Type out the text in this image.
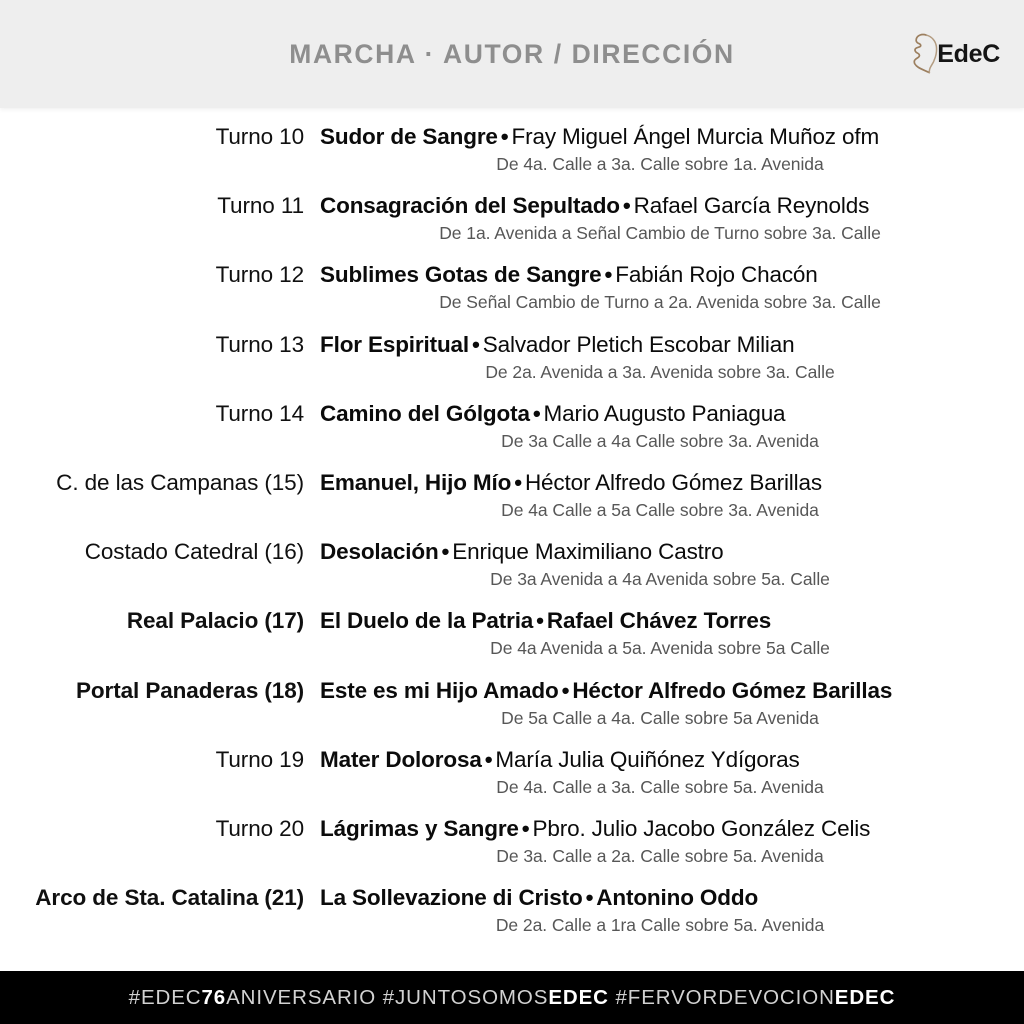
MARCHA · AUTOR / DIRECCIÓN	EdeC
Turno 10 Sudor de Sangre • Fray Miguel Ángel Murcia Muñoz ofm
De 4a. Calle a 3a. Calle sobre 1a. Avenida
Turno 11 Consagración del Sepultado • Rafael García Reynolds
De 1a. Avenida a Señal Cambio de Turno sobre 3a. Calle
Turno 12 Sublimes Gotas de Sangre • Fabián Rojo Chacón
De Señal Cambio de Turno a 2a. Avenida sobre 3a. Calle
Turno 13 Flor Espiritual • Salvador Pletich Escobar Milian
De 2a. Avenida a 3a. Avenida sobre 3a. Calle
Turno 14 Camino del Gólgota • Mario Augusto Paniagua
De 3a Calle a 4a Calle sobre 3a. Avenida
C. de las Campanas (15) Emanuel, Hijo Mío • Héctor Alfredo Gómez Barillas
De 4a Calle a 5a Calle sobre 3a. Avenida
Costado Catedral (16) Desolación • Enrique Maximiliano Castro
De 3a Avenida a 4a Avenida sobre 5a. Calle
Real Palacio (17) El Duelo de la Patria • Rafael Chávez Torres
De 4a Avenida a 5a. Avenida sobre 5a Calle
Portal Panaderas (18) Este es mi Hijo Amado • Héctor Alfredo Gómez Barillas
De 5a Calle a 4a. Calle sobre 5a Avenida
Turno 19 Mater Dolorosa • María Julia Quiñónez Ydígoras
De 4a. Calle a 3a. Calle sobre 5a. Avenida
Turno 20 Lágrimas y Sangre • Pbro. Julio Jacobo González Celis
De 3a. Calle a 2a. Calle sobre 5a. Avenida
Arco de Sta. Catalina (21) La Sollevazione di Cristo • Antonino Oddo
De 2a. Calle a 1ra Calle sobre 5a. Avenida
#EDEC76ANIVERSARIO #JUNTOSOMOSEDEC #FERVORDEVOCIONEDEC
